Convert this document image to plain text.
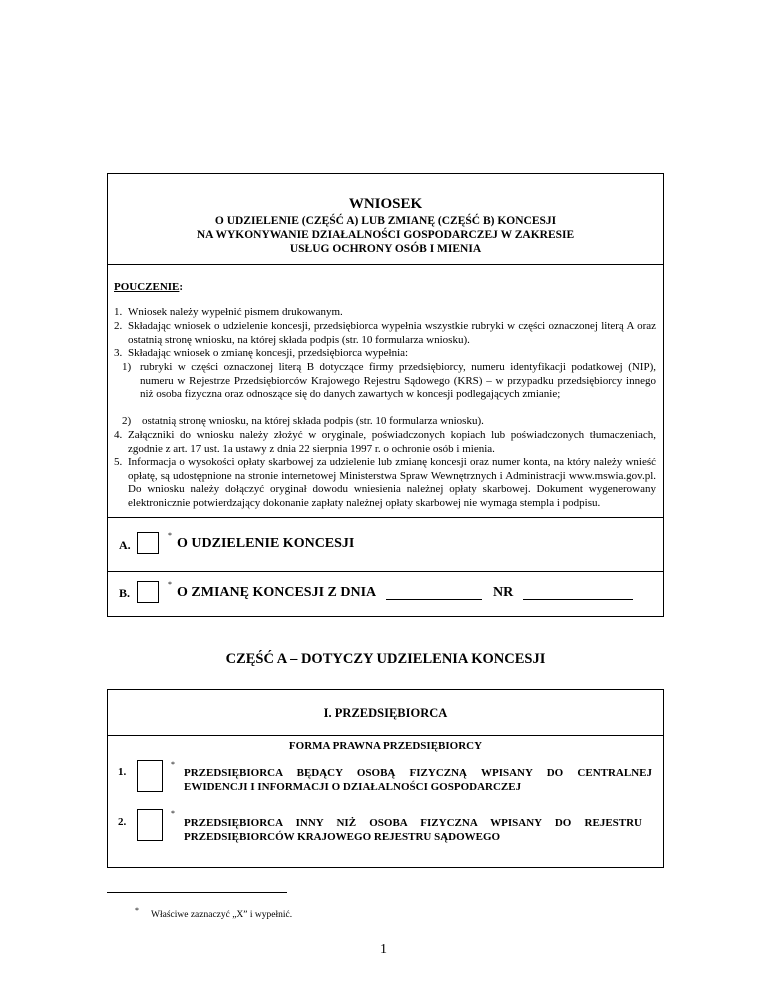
WNIOSEK
O UDZIELENIE (CZĘŚĆ A) LUB ZMIANĘ (CZĘŚĆ B) KONCESJI
NA WYKONYWANIE DZIAŁALNOŚCI GOSPODARCZEJ W ZAKRESIE
USŁUG OCHRONY OSÓB I MIENIA
POUCZENIE:
1. Wniosek należy wypełnić pismem drukowanym.
2. Składając wniosek o udzielenie koncesji, przedsiębiorca wypełnia wszystkie rubryki w części oznaczonej literą A oraz ostatnią stronę wniosku, na której składa podpis (str. 10 formularza wniosku).
3. Składając wniosek o zmianę koncesji, przedsiębiorca wypełnia:
1) rubryki w części oznaczonej literą B dotyczące firmy przedsiębiorcy, numeru identyfikacji podatkowej (NIP), numeru w Rejestrze Przedsiębiorców Krajowego Rejestru Sądowego (KRS) – w przypadku przedsiębiorcy innego niż osoba fizyczna oraz odnoszące się do danych zawartych w koncesji podlegających zmianie;
2) ostatnią stronę wniosku, na której składa podpis (str. 10 formularza wniosku).
4. Załączniki do wniosku należy złożyć w oryginale, poświadczonych kopiach lub poświadczonych tłumaczeniach, zgodnie z art. 17 ust. 1a ustawy z dnia 22 sierpnia 1997 r. o ochronie osób i mienia.
5. Informacja o wysokości opłaty skarbowej za udzielenie lub zmianę koncesji oraz numer konta, na który należy wnieść opłatę, są udostępnione na stronie internetowej Ministerstwa Spraw Wewnętrznych i Administracji www.mswia.gov.pl. Do wniosku należy dołączyć oryginał dowodu wniesienia należnej opłaty skarbowej. Dokument wygenerowany elektronicznie potwierdzający dokonanie zapłaty należnej opłaty skarbowej nie wymaga stempla i podpisu.
A.
*
O UDZIELENIE KONCESJI
B.
*
O ZMIANĘ KONCESJI Z DNIA	NR
CZĘŚĆ A – DOTYCZY UDZIELENIA KONCESJI
I. PRZEDSIĘBIORCA
FORMA PRAWNA PRZEDSIĘBIORCY
1.
*
PRZEDSIĘBIORCA BĘDĄCY OSOBĄ FIZYCZNĄ WPISANY DO CENTRALNEJ
EWIDENCJI I INFORMACJI O DZIAŁALNOŚCI GOSPODARCZEJ
2.
*
PRZEDSIĘBIORCA INNY NIŻ OSOBA FIZYCZNA WPISANY DO REJESTRU
PRZEDSIĘBIORCÓW KRAJOWEGO REJESTRU SĄDOWEGO
* Właściwe zaznaczyć „X” i wypełnić.
1
